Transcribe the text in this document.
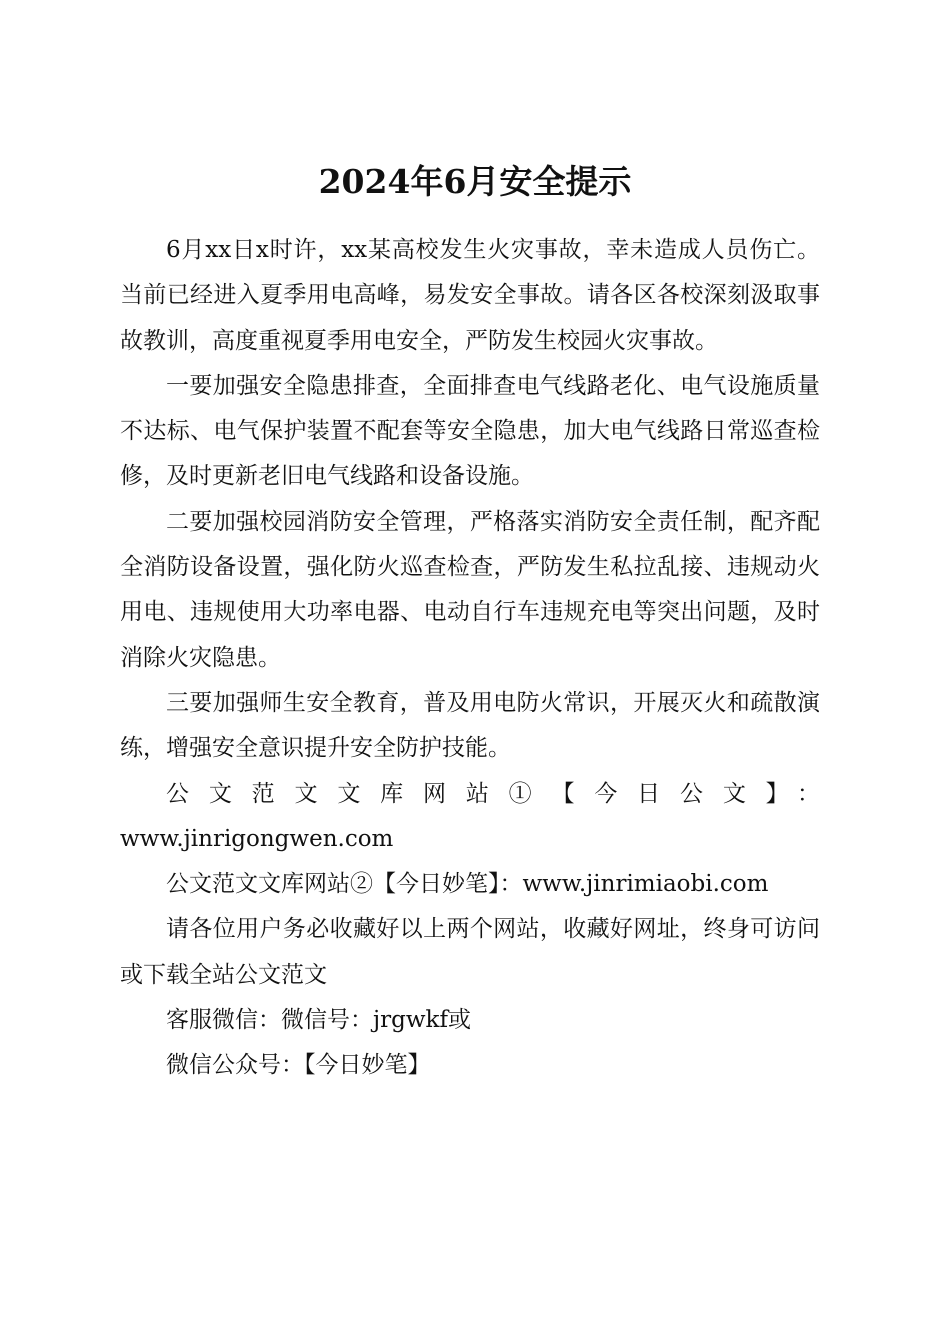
2024年6月安全提示

6月xx日x时许，xx某高校发生火灾事故，幸未造成人员伤亡。当前已经进入夏季用电高峰，易发安全事故。请各区各校深刻汲取事故教训，高度重视夏季用电安全，严防发生校园火灾事故。

一要加强安全隐患排查，全面排查电气线路老化、电气设施质量不达标、电气保护装置不配套等安全隐患，加大电气线路日常巡查检修，及时更新老旧电气线路和设备设施。

二要加强校园消防安全管理，严格落实消防安全责任制，配齐配全消防设备设置，强化防火巡查检查，严防发生私拉乱接、违规动火用电、违规使用大功率电器、电动自行车违规充电等突出问题，及时消除火灾隐患。

三要加强师生安全教育，普及用电防火常识，开展灭火和疏散演练，增强安全意识提升安全防护技能。

公文范文文库网站①【今日公文】：

www.jinrigongwen.com

公文范文文库网站②【今日妙笔】：www.jinrimiaobi.com

请各位用户务必收藏好以上两个网站，收藏好网址，终身可访问或下载全站公文范文

客服微信：微信号：jrgwkf或

微信公众号：【今日妙笔】
